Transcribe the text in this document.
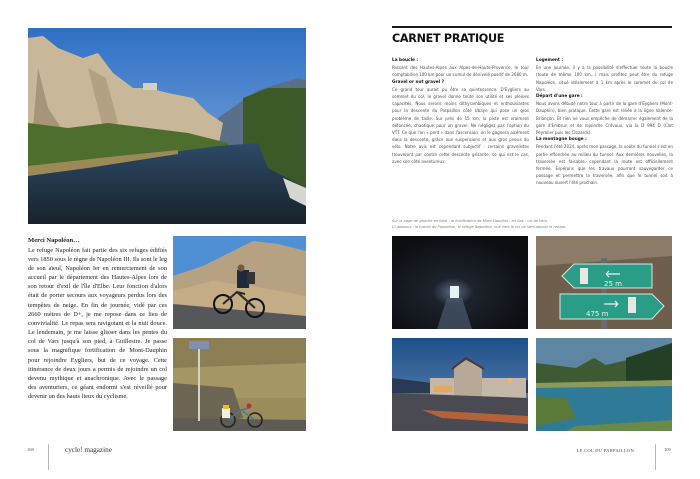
Merci Napoléon…
Le refuge Napoléon fait partie des six refuges édifiés vers 1850 sous le règne de Napoléon III. Ils sont le leg de son aïeul, Napoléon Ier en remerciement de son accueil par le département des Hautes-Alpes lors de son retour d'exil de l'île d'Elbe. Leur fonction d'alors était de porter secours aux voyageurs perdus lors des tempêtes de neige. En fin de journée, vidé par ces 2660 mètres de D+, je me repose dans ce lieu de convivialité. Le repas sera ravigotant et la nuit douce. Le lendemain, je me laisse glisser dans les pentes du col de Vars jusqu'à son pied, à Guillestre. Je passe sous la magnifique fortification de Mont-Dauphin pour rejoindre Eygliers, but de ce voyage. Cette itinérance de deux jours a permis de rejoindre un col devenu mythique et anachronique. Avec le passage des aventuriers, ce géant endormi s'est réveillé pour devenir un des hauts lieux du cyclisme.
108	cycle! magazine
CARNET PRATIQUE
La boucle :
Passant des Hautes-Alpes aux Alpes-de-Haute-Provence, le tour comptabilise 100 km pour un cumul de dénivelé positif de 2680 m.
Gravel or not gravel ?
Ce grand tour aurait pu être sa quintessence. D'Eygliers au sommet du col, le gravel donne toute son utilité et ses pleines capacités. Nous serons moins dithyrambiques et enthousiastes pour la descente du Parpaillon côté Ubaye qui pose un gros problème de taille. Sur près de 15 km, la piste est vraiment défoncée, chaotique pour un gravel. Ne négligez pas l'option du VTT. Ce que l'on « perd » dans l'ascension, on le gagnera aisément dans la descente, grâce aux suspensions et aux gros pneus du vélo. Notre avis est cependant subjectif : certains gravelistes trouveront par contre cette descente grisante, ce qui est le cas, avec son côté aventureux.
Logement :
En une journée, il y a la possibilité d'effectuer toute la boucle (toute de même 100 km…) mais profitez peut être du refuge Napoléon, situé idéalement à 1 km après le sommet du col de Vars.
Départ d'une gare :
Nous avons débuté notre tour à partir de la gare d'Eygliers (Mont-Dauphin), bien pratique. Cette gare est reliée à la ligne Valence-Briançon. Et rien ne vous empêche de démarrer également de la gare d'Embrun et de rejoindre Crévoux, via la D 994 D (Clot Peyrolier puis les Clozards).
La montagne bouge :
Pendant l'été 2024, après mon passage, la voûte du tunnel s'est en partie effondrée au milieu du tunnel. Aux dernières nouvelles, la traversée est faisable, cependant la route est officiellement fermée. Espérons que les travaux pourront sauvegarder ce passage et permettre la traversée, afin que le tunnel soit à nouveau ouvert l'été prochain.
Sur la page de gauche en haut : la fortification de Mont-Dauphin ; en bas : col de Vars.
Ci-dessous : le tunnel du Parpaillon, le refuge Napoléon, vue vers le col de Vars depuis le refuge.
25 m
475 m
LE COL DU PARPAILLON	109
